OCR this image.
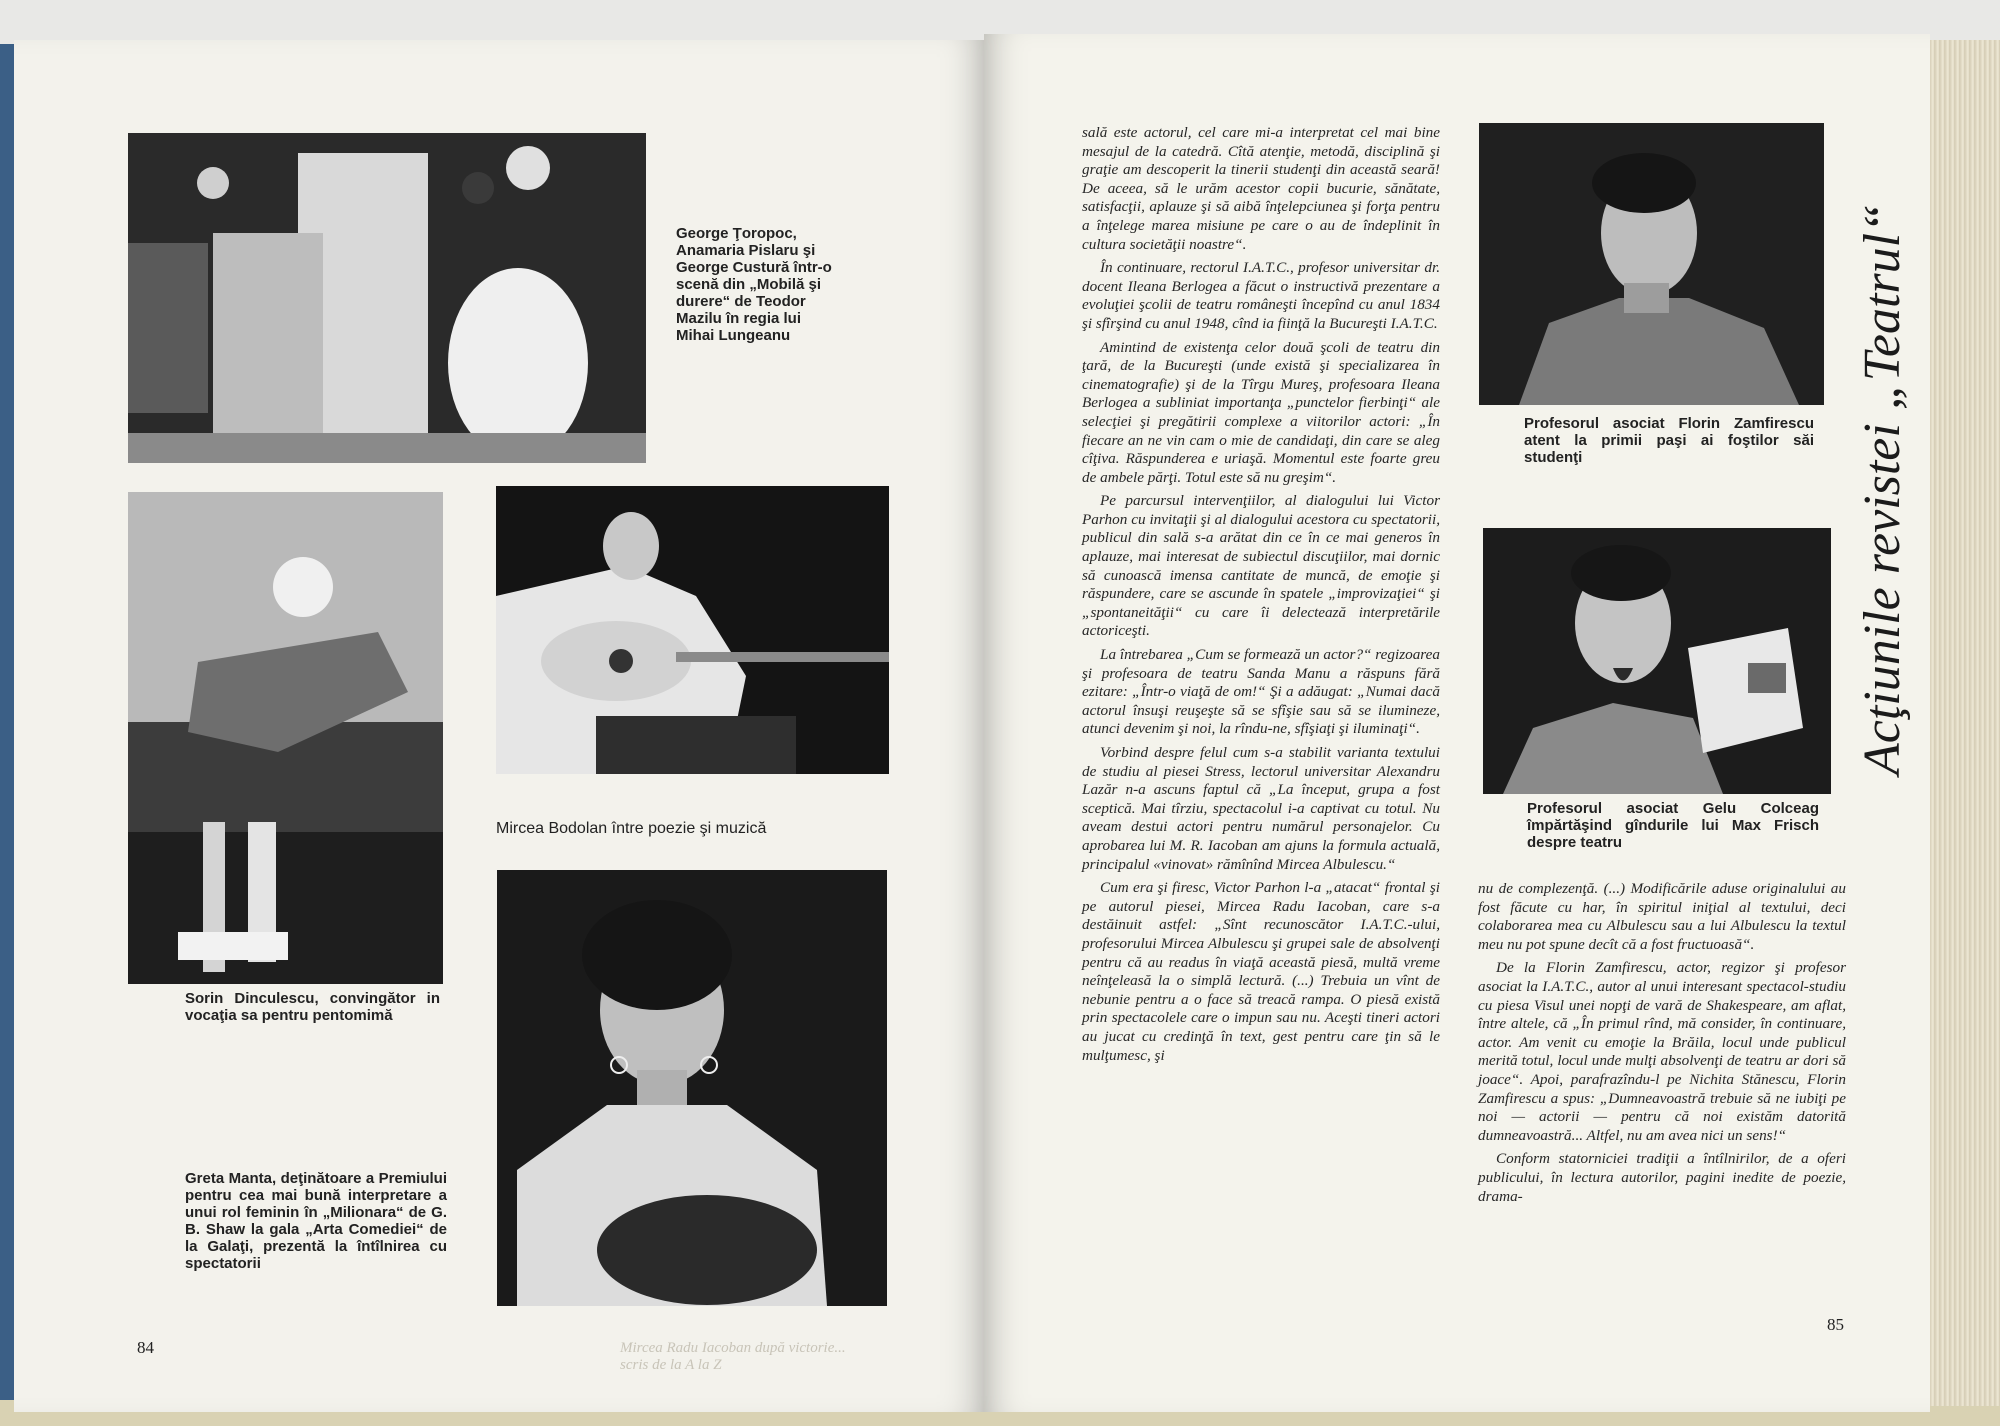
George Ţoropoc, Anamaria Pislaru şi George Custură într-o scenă din „Mobilă şi durere“ de Teodor Mazilu în regia lui Mihai Lungeanu
Sorin Dinculescu, convingător in vocaţia sa pentru pentomimă
Mircea Bodolan între poezie şi muzică
Greta Manta, deţinătoare a Premiului pentru cea mai bună interpretare a unui rol feminin în „Milionara“ de G. B. Shaw la gala „Arta Comediei“ de la Galaţi, prezentă la întîlnirea cu spectatorii
Mircea Radu Iacoban după victorie... scris de la A la Z
84

sală este actorul, cel care mi-a interpretat cel mai bine mesajul de la catedră. Cîtă atenţie, metodă, disciplină şi graţie am descoperit la tinerii studenţi din această seară! De aceea, să le urăm acestor copii bucurie, sănătate, satisfacţii, aplauze şi să aibă înţelepciunea şi forţa pentru a înţelege marea misiune pe care o au de îndeplinit în cultura societăţii noastre“.

În continuare, rectorul I.A.T.C., profesor universitar dr. docent Ileana Berlogea a făcut o instructivă prezentare a evoluţiei şcolii de teatru româneşti începînd cu anul 1834 şi sfîrşind cu anul 1948, cînd ia fiinţă la Bucureşti I.A.T.C.

Amintind de existenţa celor două şcoli de teatru din ţară, de la Bucureşti (unde există şi specializarea în cinematografie) şi de la Tîrgu Mureş, profesoara Ileana Berlogea a subliniat importanţa „punctelor fierbinţi“ ale selecţiei şi pregătirii complexe a viitorilor actori: „În fiecare an ne vin cam o mie de candidaţi, din care se aleg cîţiva. Răspunderea e uriaşă. Momentul este foarte greu de ambele părţi. Totul este să nu greşim“.

Pe parcursul intervenţiilor, al dialogului lui Victor Parhon cu invitaţii şi al dialogului acestora cu spectatorii, publicul din sală s-a arătat din ce în ce mai generos în aplauze, mai interesat de subiectul discuţiilor, mai dornic să cunoască imensa cantitate de muncă, de emoţie şi răspundere, care se ascunde în spatele „improvizaţiei“ şi „spontaneităţii“ cu care îi delectează interpretările actoriceşti.

La întrebarea „Cum se formează un actor?“ regizoarea şi profesoara de teatru Sanda Manu a răspuns fără ezitare: „Într-o viaţă de om!“ Şi a adăugat: „Numai dacă actorul însuşi reuşeşte să se sfîşie sau să se ilumineze, atunci devenim şi noi, la rîndu-ne, sfîşiaţi şi iluminaţi“.

Vorbind despre felul cum s-a stabilit varianta textului de studiu al piesei Stress, lectorul universitar Alexandru Lazăr n-a ascuns faptul că „La început, grupa a fost sceptică. Mai tîrziu, spectacolul i-a captivat cu totul. Nu aveam destui actori pentru numărul personajelor. Cu aprobarea lui M. R. Iacoban am ajuns la formula actuală, principalul «vinovat» rămînînd Mircea Albulescu.“

Cum era şi firesc, Victor Parhon l-a „atacat“ frontal şi pe autorul piesei, Mircea Radu Iacoban, care s-a destăinuit astfel: „Sînt recunoscător I.A.T.C.-ului, profesorului Mircea Albulescu şi grupei sale de absolvenţi pentru că au readus în viaţă această piesă, multă vreme neînţeleasă la o simplă lectură. (...) Trebuia un vînt de nebunie pentru a o face să treacă rampa. O piesă există prin spectacolele care o impun sau nu. Aceşti tineri actori au jucat cu credinţă în text, gest pentru care ţin să le mulţumesc, şi

Profesorul asociat Florin Zamfirescu atent la primii paşi ai foştilor săi studenţi
Profesorul asociat Gelu Colceag împărtăşind gîndurile lui Max Frisch despre teatru

nu de complezenţă. (...) Modificările aduse originalului au fost făcute cu har, în spiritul iniţial al textului, deci colaborarea mea cu Albulescu sau a lui Albulescu la textul meu nu pot spune decît că a fost fructuoasă“.

De la Florin Zamfirescu, actor, regizor şi profesor asociat la I.A.T.C., autor al unui interesant spectacol-studiu cu piesa Visul unei nopţi de vară de Shakespeare, am aflat, între altele, că „În primul rînd, mă consider, în continuare, actor. Am venit cu emoţie la Brăila, locul unde publicul merită totul, locul unde mulţi absolvenţi de teatru ar dori să joace“. Apoi, parafrazîndu-l pe Nichita Stănescu, Florin Zamfirescu a spus: „Dumneavoastră trebuie să ne iubiţi pe noi — actorii — pentru că noi existăm datorită dumneavoastră... Altfel, nu am avea nici un sens!“

Conform statorniciei tradiţii a întîlnirilor, de a oferi publicului, în lectura autorilor, pagini inedite de poezie, drama-

Acţiunile revistei „Teatrul“
85
